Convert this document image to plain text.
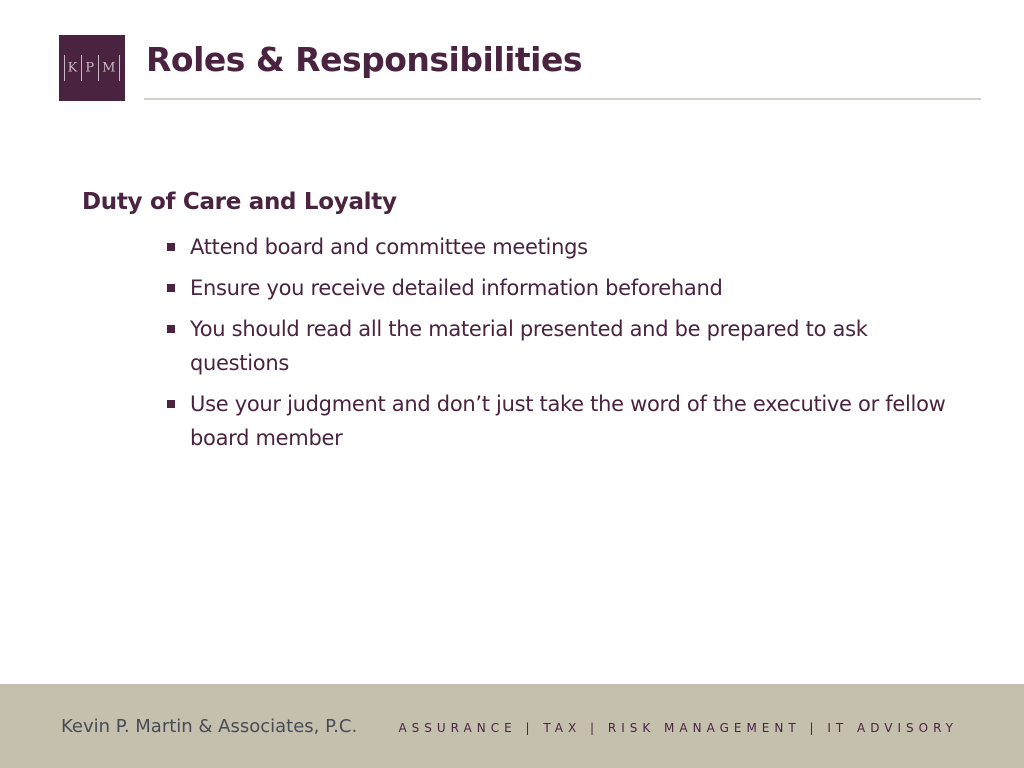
K P M Roles & Responsibilities
Duty of Care and Loyalty
Attend board and committee meetings
Ensure you receive detailed information beforehand
You should read all the material presented and be prepared to ask questions
Use your judgment and don’t just take the word of the executive or fellow board member
Kevin P. Martin & Associates, P.C.	ASSURANCE | TAX | RISK MANAGEMENT | IT ADVISORY
